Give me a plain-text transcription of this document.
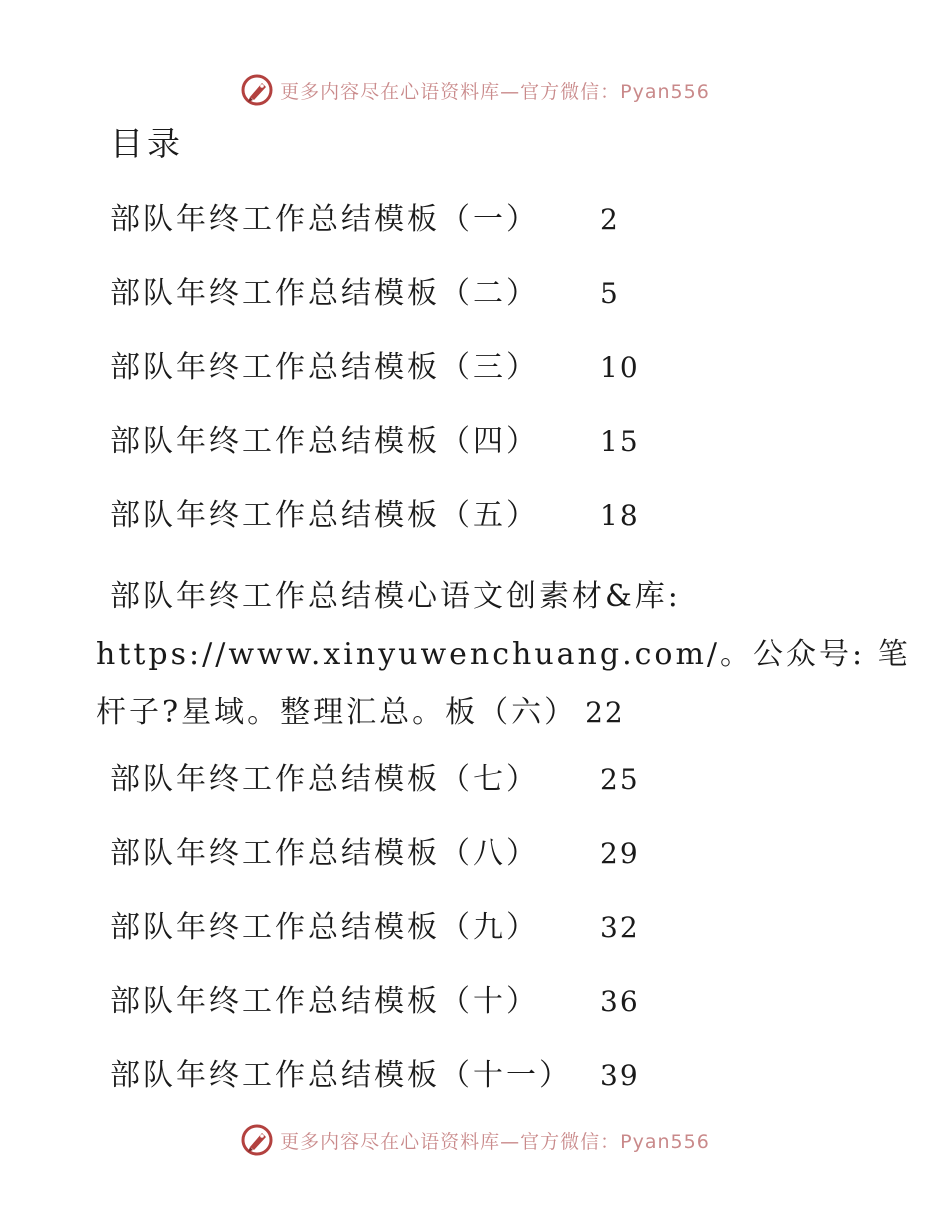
更多内容尽在心语资料库—官方微信：Pyan556
目录
部队年终工作总结模板（一） 2
部队年终工作总结模板（二） 5
部队年终工作总结模板（三） 10
部队年终工作总结模板（四） 15
部队年终工作总结模板（五） 18
部队年终工作总结模心语文创素材&库:
https://www.xinyuwenchuang.com/。公众号: 笔
杆子?星域。整理汇总。板（六） 22
部队年终工作总结模板（七） 25
部队年终工作总结模板（八） 29
部队年终工作总结模板（九） 32
部队年终工作总结模板（十） 36
部队年终工作总结模板（十一） 39
更多内容尽在心语资料库—官方微信：Pyan556
